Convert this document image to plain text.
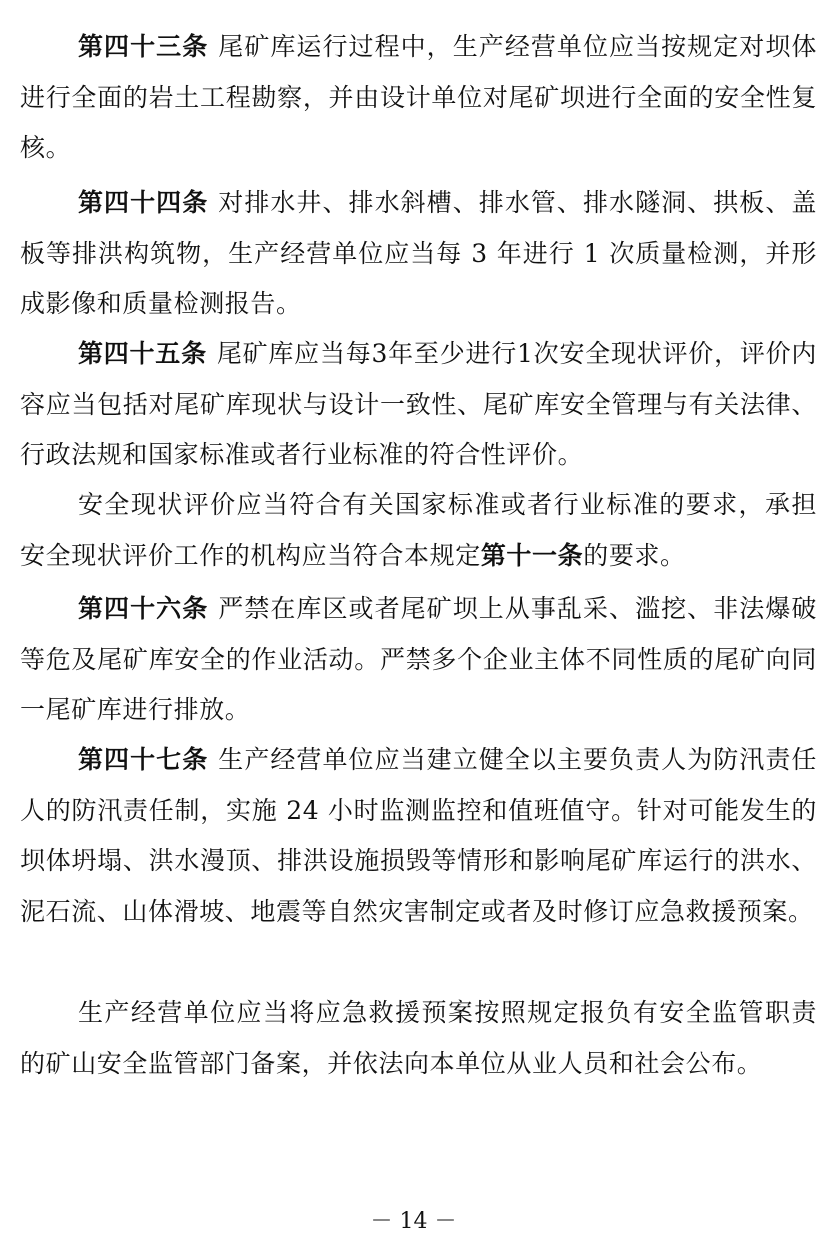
第四十三条 尾矿库运行过程中，生产经营单位应当按规定对坝体进行全面的岩土工程勘察，并由设计单位对尾矿坝进行全面的安全性复核。

第四十四条 对排水井、排水斜槽、排水管、排水隧洞、拱板、盖板等排洪构筑物，生产经营单位应当每 3 年进行 1 次质量检测，并形成影像和质量检测报告。

第四十五条 尾矿库应当每3年至少进行1次安全现状评价，评价内容应当包括对尾矿库现状与设计一致性、尾矿库安全管理与有关法律、行政法规和国家标准或者行业标准的符合性评价。

安全现状评价应当符合有关国家标准或者行业标准的要求，承担安全现状评价工作的机构应当符合本规定第十一条的要求。

第四十六条 严禁在库区或者尾矿坝上从事乱采、滥挖、非法爆破等危及尾矿库安全的作业活动。严禁多个企业主体不同性质的尾矿向同一尾矿库进行排放。

第四十七条 生产经营单位应当建立健全以主要负责人为防汛责任人的防汛责任制，实施 24 小时监测监控和值班值守。针对可能发生的坝体坍塌、洪水漫顶、排洪设施损毁等情形和影响尾矿库运行的洪水、泥石流、山体滑坡、地震等自然灾害制定或者及时修订应急救援预案。

生产经营单位应当将应急救援预案按照规定报负有安全监管职责的矿山安全监管部门备案，并依法向本单位从业人员和社会公布。

－ 14 －
